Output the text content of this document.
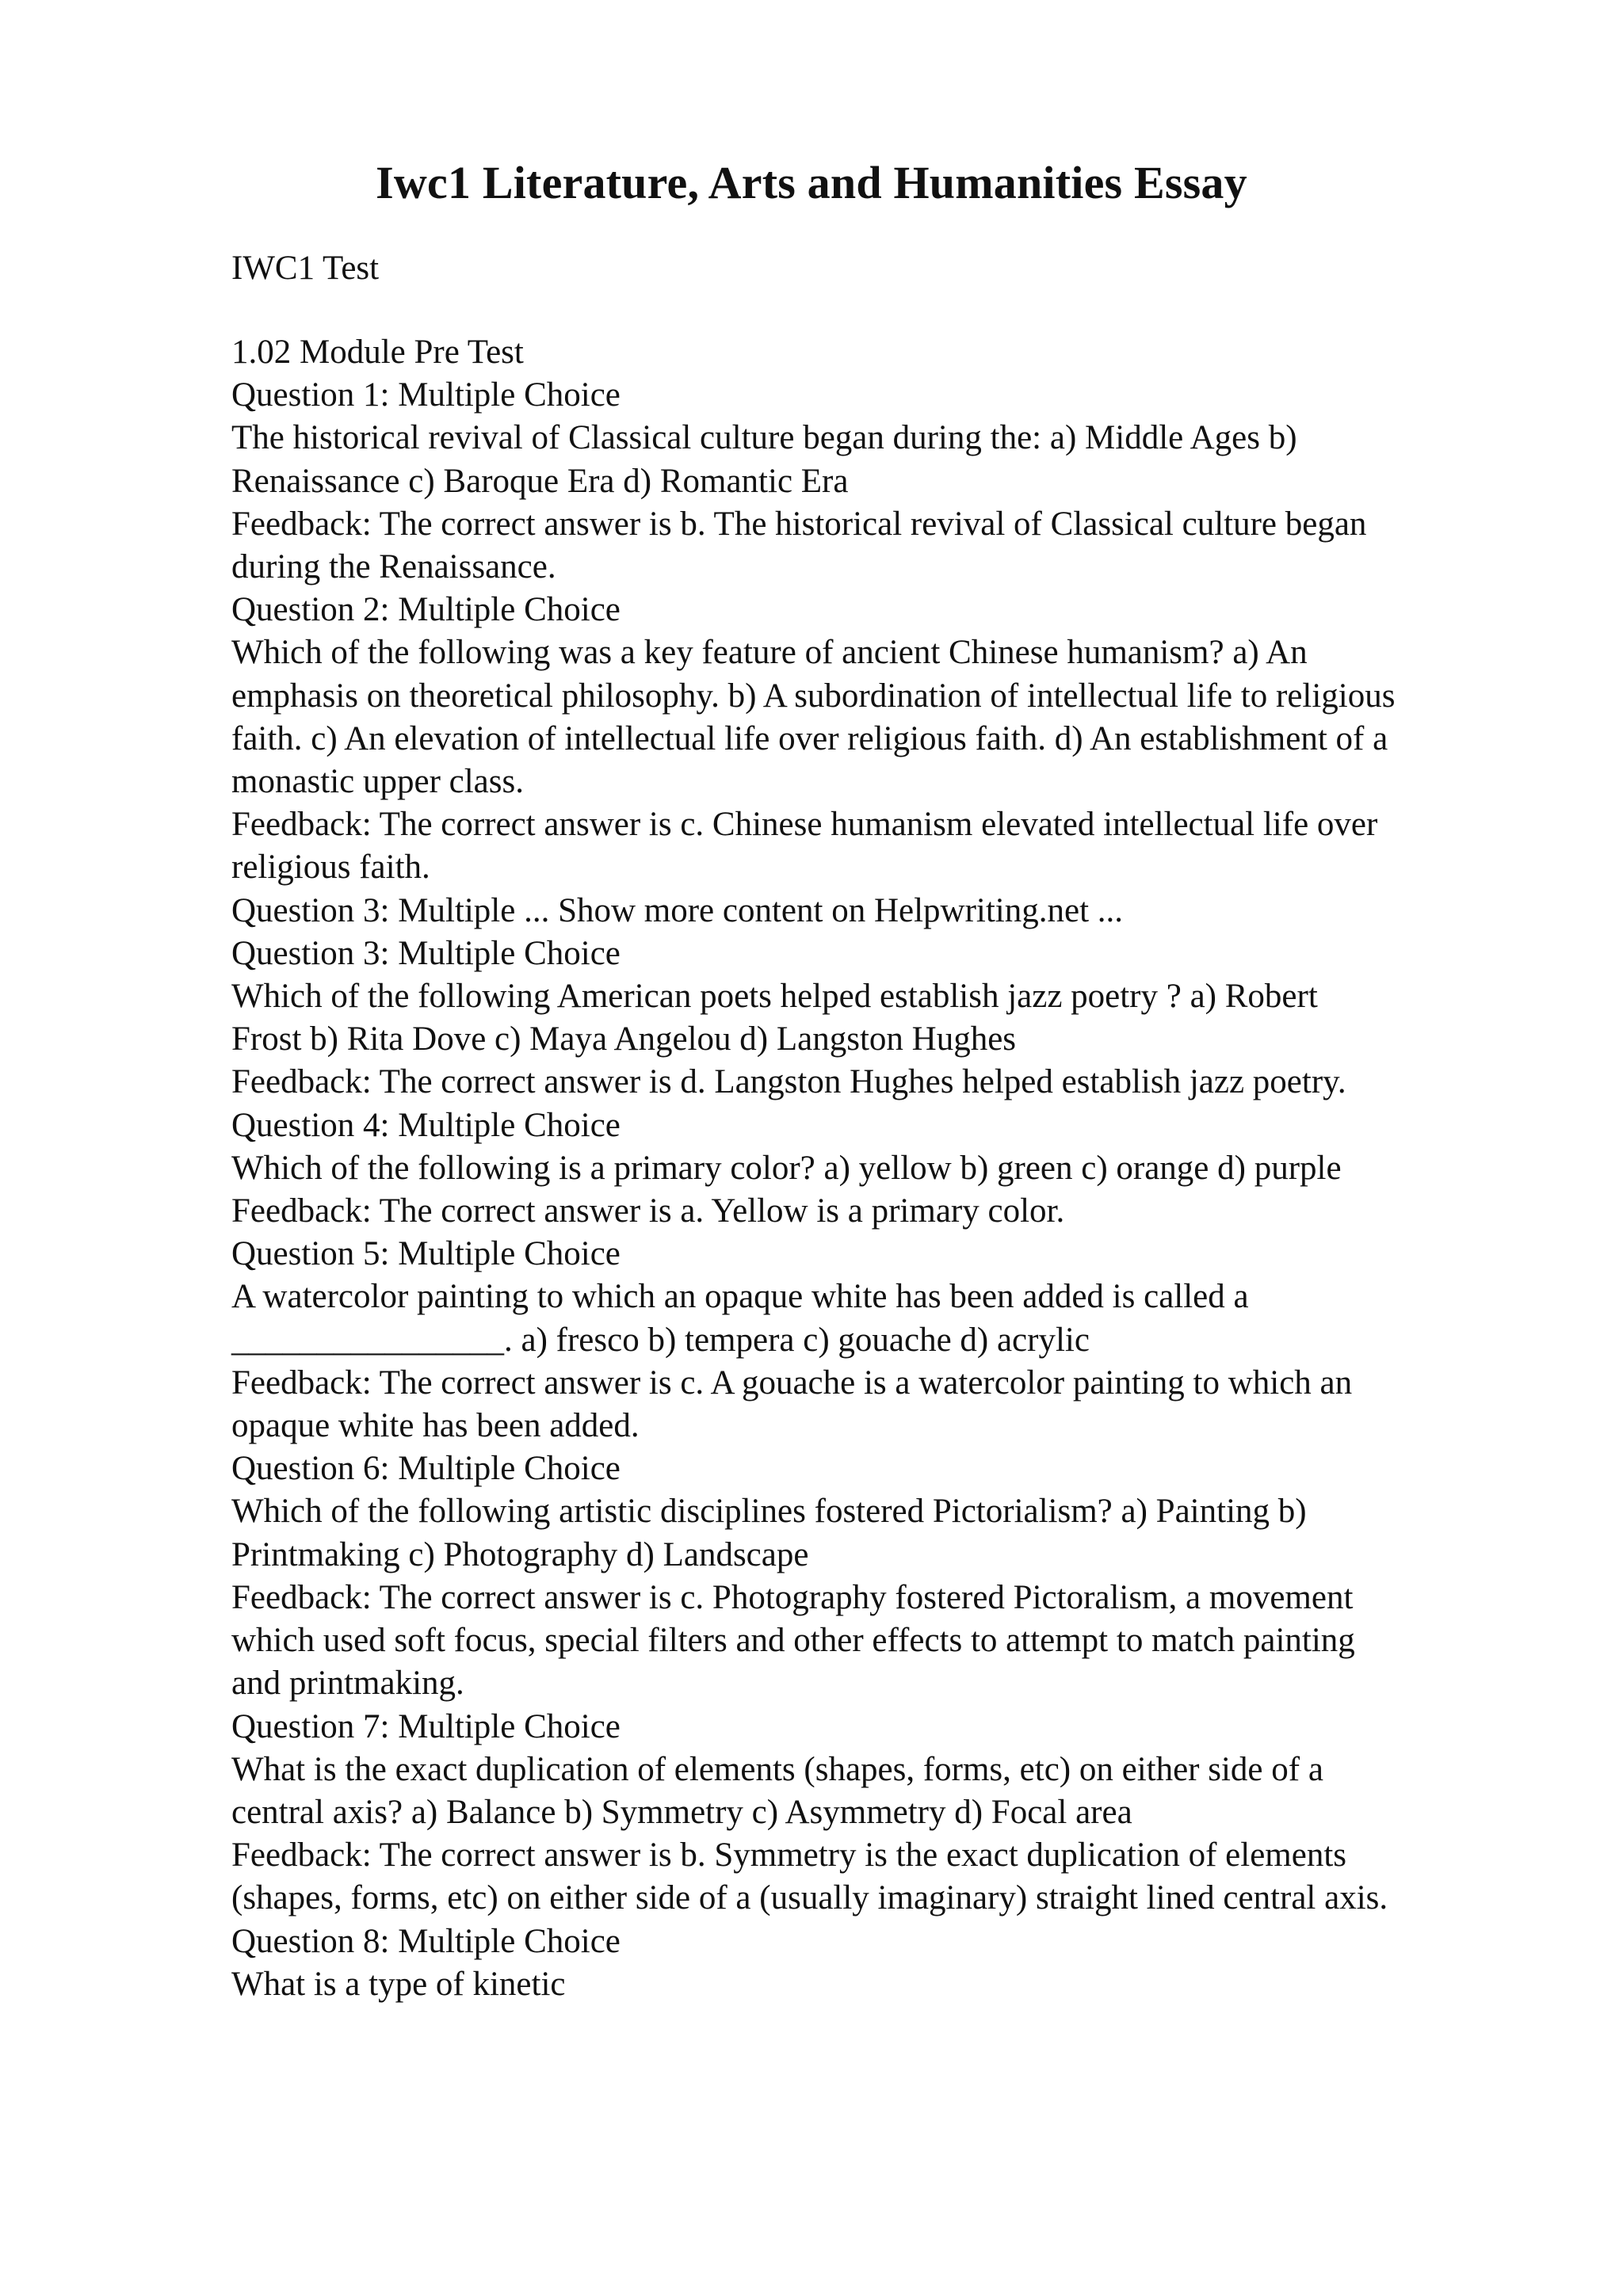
Iwc1 Literature, Arts and Humanities Essay
IWC1 Test
1.02 Module Pre Test
Question 1: Multiple Choice
The historical revival of Classical culture began during the: a) Middle Ages b)
Renaissance c) Baroque Era d) Romantic Era
Feedback: The correct answer is b. The historical revival of Classical culture began
during the Renaissance.
Question 2: Multiple Choice
Which of the following was a key feature of ancient Chinese humanism? a) An
emphasis on theoretical philosophy. b) A subordination of intellectual life to religious
faith. c) An elevation of intellectual life over religious faith. d) An establishment of a
monastic upper class.
Feedback: The correct answer is c. Chinese humanism elevated intellectual life over
religious faith.
Question 3: Multiple ... Show more content on Helpwriting.net ...
Question 3: Multiple Choice
Which of the following American poets helped establish jazz poetry ? a) Robert
Frost b) Rita Dove c) Maya Angelou d) Langston Hughes
Feedback: The correct answer is d. Langston Hughes helped establish jazz poetry.
Question 4: Multiple Choice
Which of the following is a primary color? a) yellow b) green c) orange d) purple
Feedback: The correct answer is a. Yellow is a primary color.
Question 5: Multiple Choice
A watercolor painting to which an opaque white has been added is called a
________________. a) fresco b) tempera c) gouache d) acrylic
Feedback: The correct answer is c. A gouache is a watercolor painting to which an
opaque white has been added.
Question 6: Multiple Choice
Which of the following artistic disciplines fostered Pictorialism? a) Painting b)
Printmaking c) Photography d) Landscape
Feedback: The correct answer is c. Photography fostered Pictoralism, a movement
which used soft focus, special filters and other effects to attempt to match painting
and printmaking.
Question 7: Multiple Choice
What is the exact duplication of elements (shapes, forms, etc) on either side of a
central axis? a) Balance b) Symmetry c) Asymmetry d) Focal area
Feedback: The correct answer is b. Symmetry is the exact duplication of elements
(shapes, forms, etc) on either side of a (usually imaginary) straight lined central axis.
Question 8: Multiple Choice
What is a type of kinetic
